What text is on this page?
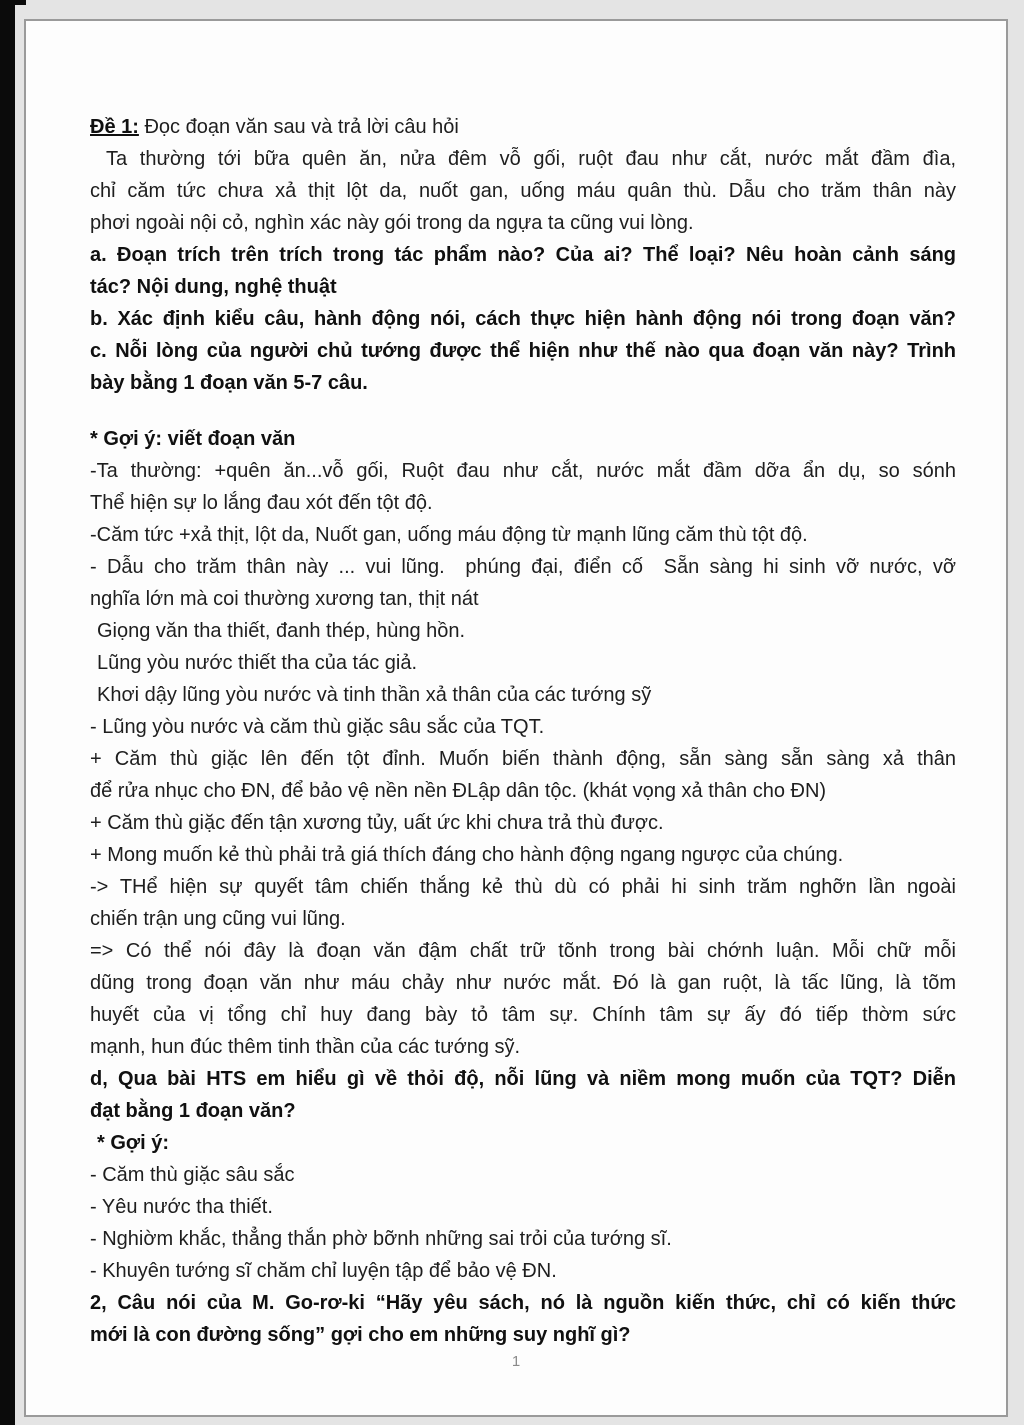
Đề 1: Đọc đoạn văn sau và trả lời câu hỏi
Ta thường tới bữa quên ăn, nửa đêm vỗ gối, ruột đau như cắt, nước mắt đầm đìa,
chỉ căm tức chưa xả thịt lột da, nuốt gan, uống máu quân thù. Dẫu cho trăm thân này
phơi ngoài nội cỏ, nghìn xác này gói trong da ngựa ta cũng vui lòng.
a. Đoạn trích trên trích trong tác phẩm nào? Của ai? Thể loại? Nêu hoàn cảnh sáng
tác? Nội dung, nghệ thuật
b. Xác định kiểu câu, hành động nói, cách thực hiện hành động nói trong đoạn văn?
c. Nỗi lòng của người chủ tướng được thể hiện như thế nào qua đoạn văn này? Trình
bày bằng 1 đoạn văn 5-7 câu.
* Gợi ý: viết đoạn văn
-Ta thường: +quên ăn...vỗ gối, Ruột đau như cắt, nước mắt đầm dỡa ẩn dụ, so sónh
Thể hiện sự lo lắng đau xót đến tột độ.
-Căm tức +xả thịt, lột da, Nuốt gan, uống máu động từ mạnh lũng căm thù tột độ.
- Dẫu cho trăm thân này ... vui lũng.  phúng đại, điển cố  Sẵn sàng hi sinh vỡ nước, vỡ
nghĩa lớn mà coi thường xương tan, thịt nát
Giọng văn tha thiết, đanh thép, hùng hồn.
Lũng yòu nước thiết tha của tác giả.
Khơi dậy lũng yòu nước và tinh thần xả thân của các tướng sỹ
- Lũng yòu nước và căm thù giặc sâu sắc của TQT.
+ Căm thù giặc lên đến tột đỉnh. Muốn biến thành động, sẵn sàng sẵn sàng xả thân
để rửa nhục cho ĐN, để bảo vệ nền nền ĐLập dân tộc. (khát vọng xả thân cho ĐN)
+ Căm thù giặc đến tận xương tủy, uất ức khi chưa trả thù được.
+ Mong muốn kẻ thù phải trả giá thích đáng cho hành động ngang ngược của chúng.
-> THể hiện sự quyết tâm chiến thắng kẻ thù dù có phải hi sinh trăm nghỡn lần ngoài
chiến trận ung cũng vui lũng.
=> Có thể nói đây là đoạn văn đậm chất trữ tõnh trong bài chớnh luận. Mỗi chữ mỗi
dũng trong đoạn văn như máu chảy như nước mắt. Đó là gan ruột, là tấc lũng, là tõm
huyết của vị tổng chỉ huy đang bày tỏ tâm sự. Chính tâm sự ấy đó tiếp thờm sức
mạnh, hun đúc thêm tinh thần của các tướng sỹ.
d, Qua bài HTS em hiểu gì về thỏi độ, nỗi lũng và niềm mong muốn của TQT? Diễn
đạt bằng 1 đoạn văn?
* Gợi ý:
- Căm thù giặc sâu sắc
- Yêu nước tha thiết.
- Nghiờm khắc, thẳng thắn phờ bỡnh những sai trỏi của tướng sĩ.
- Khuyên tướng sĩ chăm chỉ luyện tập để bảo vệ ĐN.
2, Câu nói của M. Go-rơ-ki “Hãy yêu sách, nó là nguồn kiến thức, chỉ có kiến thức
mới là con đường sống” gợi cho em những suy nghĩ gì?
1
